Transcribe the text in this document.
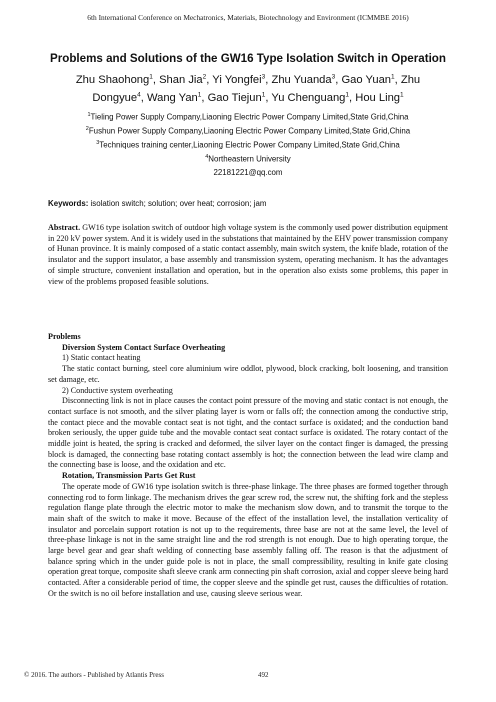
6th International Conference on Mechatronics, Materials, Biotechnology and Environment (ICMMBE 2016)
Problems and Solutions of the GW16 Type Isolation Switch in Operation
Zhu Shaohong$^1$, Shan Jia$^2$, Yi Yongfei$^3$, Zhu Yuanda$^3$, Gao Yuan$^1$, Zhu
Dongyue$^4$, Wang Yan$^1$, Gao Tiejun$^1$, Yu Chenguang$^1$, Hou Ling$^1$
$^1$Tieling Power Supply Company,Liaoning Electric Power Company Limited,State Grid,China
$^2$Fushun Power Supply Company,Liaoning Electric Power Company Limited,State Grid,China
$^3$Techniques training center,Liaoning Electric Power Company Limited,State Grid,China
$^4$Northeastern University
22181221@qq.com
Keywords: isolation switch; solution; over heat; corrosion; jam
Abstract. GW16 type isolation switch of outdoor high voltage system is the commonly used power distribution equipment in 220 kV power system. And it is widely used in the substations that maintained by the EHV power transmission company of Hunan province. It is mainly composed of a static contact assembly, main switch system, the knife blade, rotation of the insulator and the support insulator, a base assembly and transmission system, operating mechanism. It has the advantages of simple structure, convenient installation and operation, but in the operation also exists some problems, this paper in view of the problems proposed feasible solutions.

Problems

Diversion System Contact Surface Overheating

1) Static contact heating

The static contact burning, steel core aluminium wire oddlot, plywood, block cracking, bolt loosening, and transition set damage, etc.

2) Conductive system overheating

Disconnecting link is not in place causes the contact point pressure of the moving and static contact is not enough, the contact surface is not smooth, and the silver plating layer is worn or falls off; the connection among the conductive strip, the contact piece and the movable contact seat is not tight, and the contact surface is oxidated; and the conduction band broken seriously, the upper guide tube and the movable contact seat contact surface is oxidated. The rotary contact of the middle joint is heated, the spring is cracked and deformed, the silver layer on the contact finger is damaged, the pressing block is damaged, the connecting base rotating contact assembly is hot; the connection between the lead wire clamp and the connecting base is loose, and the oxidation and etc.

Rotation, Transmission Parts Get Rust

The operate mode of GW16 type isolation switch is three-phase linkage. The three phases are formed together through connecting rod to form linkage. The mechanism drives the gear screw rod, the screw nut, the shifting fork and the stepless regulation flange plate through the electric motor to make the mechanism slow down, and to transmit the torque to the main shaft of the switch to make it move. Because of the effect of the installation level, the installation verticality of insulator and porcelain support rotation is not up to the requirements, three base are not at the same level, the level of three-phase linkage is not in the same straight line and the rod strength is not enough. Due to high operating torque, the large bevel gear and gear shaft welding of connecting base assembly falling off. The reason is that the adjustment of balance spring which in the under guide pole is not in place, the small compressibility, resulting in knife gate closing operation great torque, composite shaft sleeve crank arm connecting pin shaft corrosion, axial and copper sleeve being hard contacted. After a considerable period of time, the copper sleeve and the spindle get rust, causes the difficulties of rotation. Or the switch is no oil before installation and use, causing sleeve serious wear.

© 2016. The authors - Published by Atlantis Press	492
